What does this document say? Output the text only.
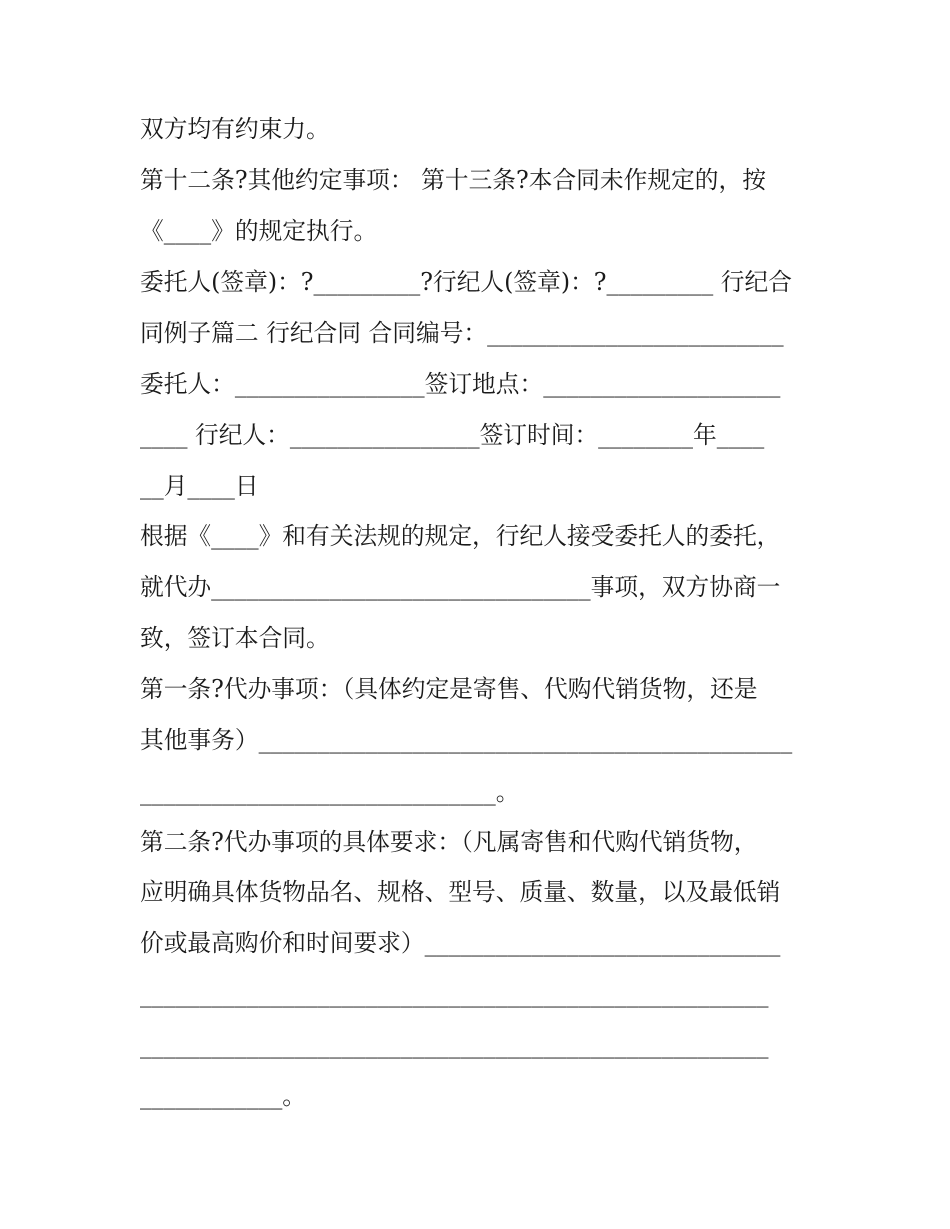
双方均有约束力。
第十二条?其他约定事项： 第十三条?本合同未作规定的，按
《____》的规定执行。
委托人(签章)：?_________?行纪人(签章)：?_________ 行纪合
同例子篇二 行纪合同 合同编号：_________________________
委托人：________________签订地点：____________________
____ 行纪人：________________签订时间：________年____
__月____日
根据《____》和有关法规的规定，行纪人接受委托人的委托，
就代办________________________________事项，双方协商一
致，签订本合同。
第一条?代办事项：（具体约定是寄售、代购代销货物，还是
其他事务）_____________________________________________
______________________________。
第二条?代办事项的具体要求：（凡属寄售和代购代销货物，
应明确具体货物品名、规格、型号、质量、数量，以及最低销
价或最高购价和时间要求）______________________________
_____________________________________________________
_____________________________________________________
____________。
